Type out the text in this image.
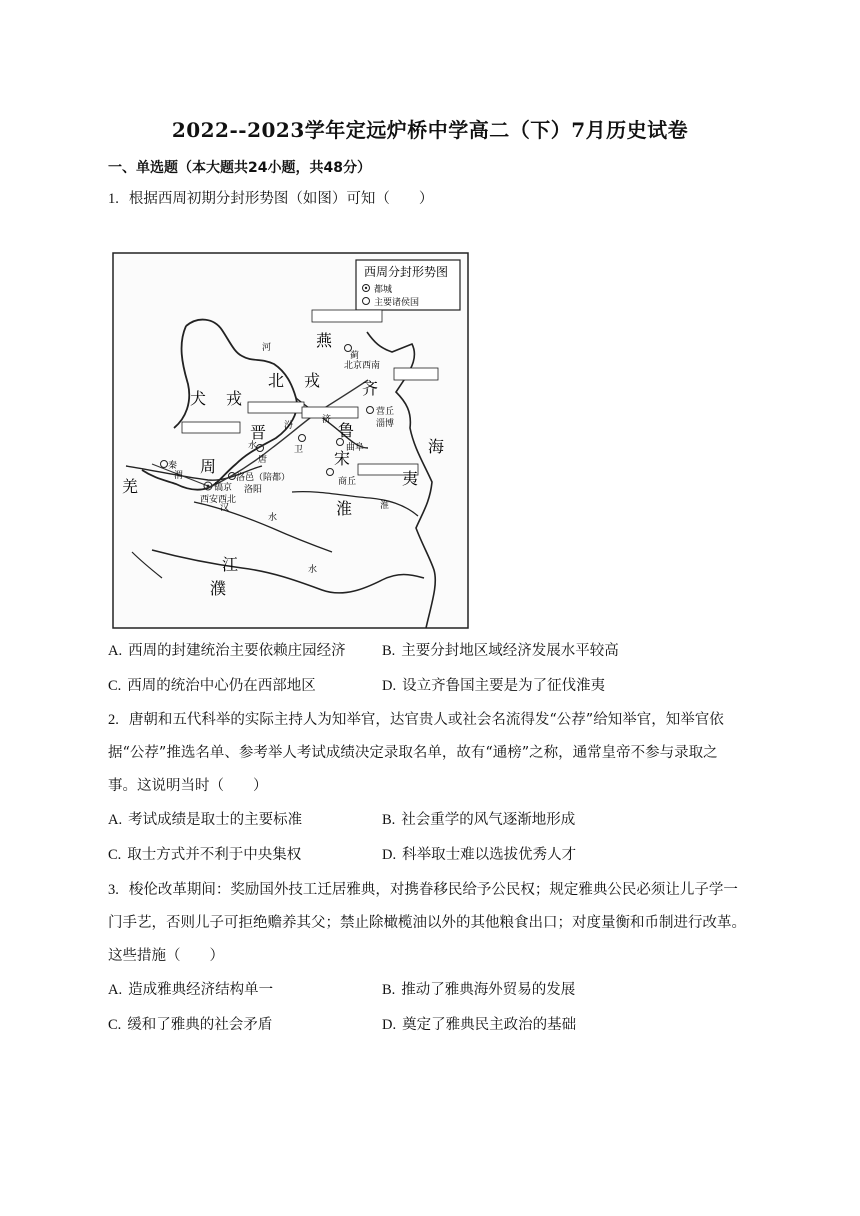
2022--2023学年定远炉桥中学高二（下）7月历史试卷
一、单选题（本大题共24小题，共48分）
1. 根据西周初期分封形势图（如图）可知（　　）
西周分封形势图
都城
主要诸侯国
燕
犬 戎
北 戎	齐
晋	鲁
宋
周
羌
淮
夷
海
江
濮
蓟
北京西南
营丘
淄博
唐
卫	曲阜
商丘
秦
镐京
西安西北
洛邑（陪都）
洛阳
河
水
汉	淮
水
水
济
汾
渭
A. 西周的封建统治主要依赖庄园经济	B. 主要分封地区域经济发展水平较高
C. 西周的统治中心仍在西部地区	D. 设立齐鲁国主要是为了征伐淮夷
2. 唐朝和五代科举的实际主持人为知举官，达官贵人或社会名流得发“公荐”给知举官，知举官依
据“公荐”推选名单、参考举人考试成绩决定录取名单，故有“通榜”之称，通常皇帝不参与录取之
事。这说明当时（　　）
A. 考试成绩是取士的主要标准	B. 社会重学的风气逐渐地形成
C. 取士方式并不利于中央集权	D. 科举取士难以选拔优秀人才
3. 梭伦改革期间：奖励国外技工迁居雅典，对携眷移民给予公民权；规定雅典公民必须让儿子学一
门手艺，否则儿子可拒绝赡养其父；禁止除橄榄油以外的其他粮食出口；对度量衡和币制进行改革。
这些措施（　　）
A. 造成雅典经济结构单一	B. 推动了雅典海外贸易的发展
C. 缓和了雅典的社会矛盾	D. 奠定了雅典民主政治的基础
